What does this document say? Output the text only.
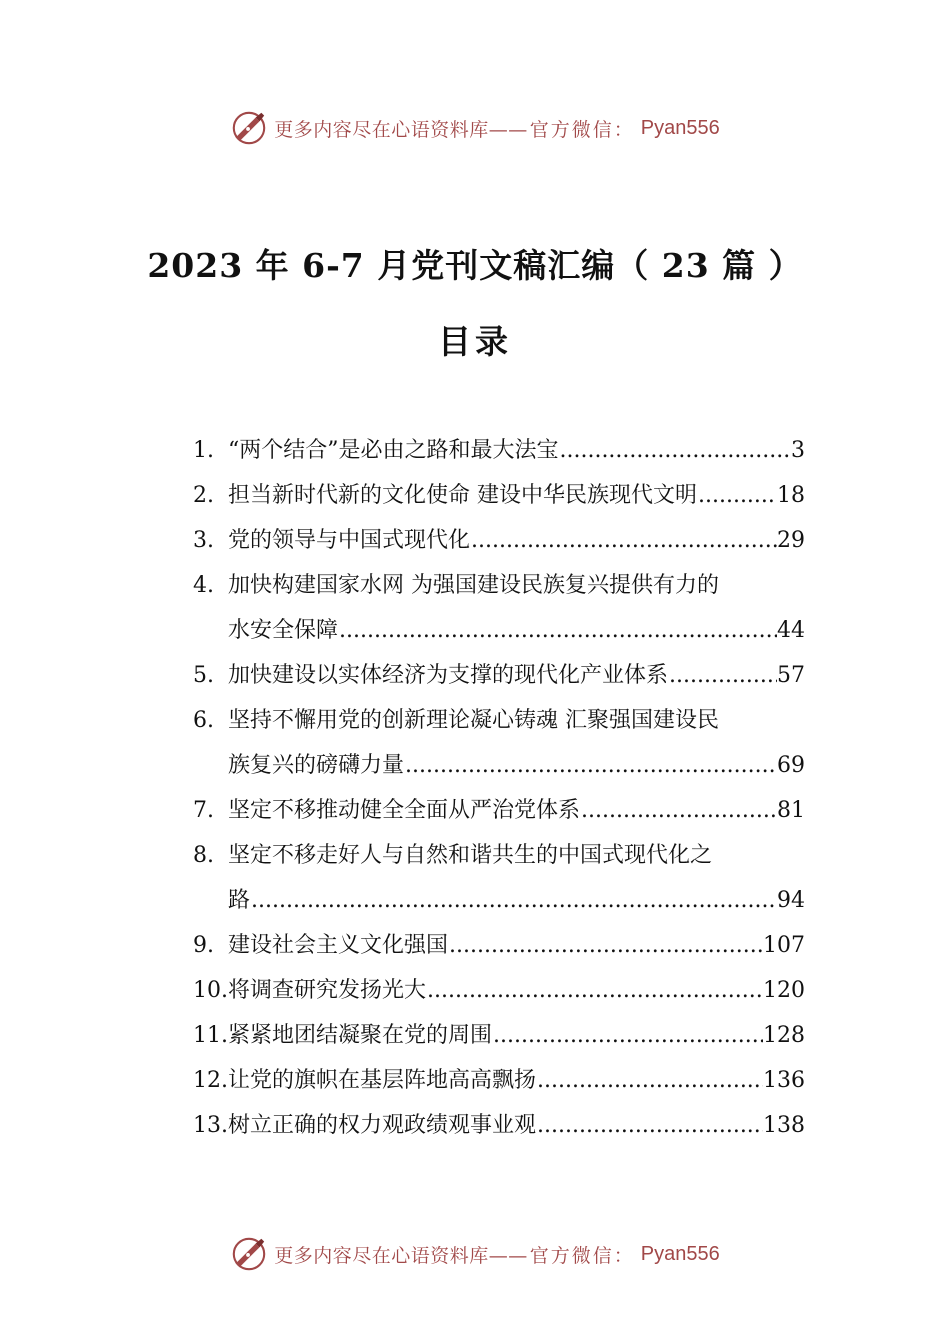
更多内容尽在心语资料库—— 官方微信： Pyan556
2023 年 6-7 月党刊文稿汇编（ 23 篇 ）
目录
1. “两个结合”是必由之路和最大法宝 .....	3
2. 担当新时代新的文化使命 建设中华民族现代文明 .....	18
3. 党的领导与中国式现代化 .....	29
4. 加快构建国家水网 为强国建设民族复兴提供有力的
水安全保障 .....	44
5. 加快建设以实体经济为支撑的现代化产业体系 .....	57
6. 坚持不懈用党的创新理论凝心铸魂 汇聚强国建设民
族复兴的磅礴力量 .....	69
7. 坚定不移推动健全全面从严治党体系 .....	81
8. 坚定不移走好人与自然和谐共生的中国式现代化之
路 .....	94
9. 建设社会主义文化强国 .....	107
10. 将调查研究发扬光大 .....	120
11. 紧紧地团结凝聚在党的周围 .....	128
12. 让党的旗帜在基层阵地高高飘扬 .....	136
13. 树立正确的权力观政绩观事业观 .....	138
更多内容尽在心语资料库—— 官方微信： Pyan556
